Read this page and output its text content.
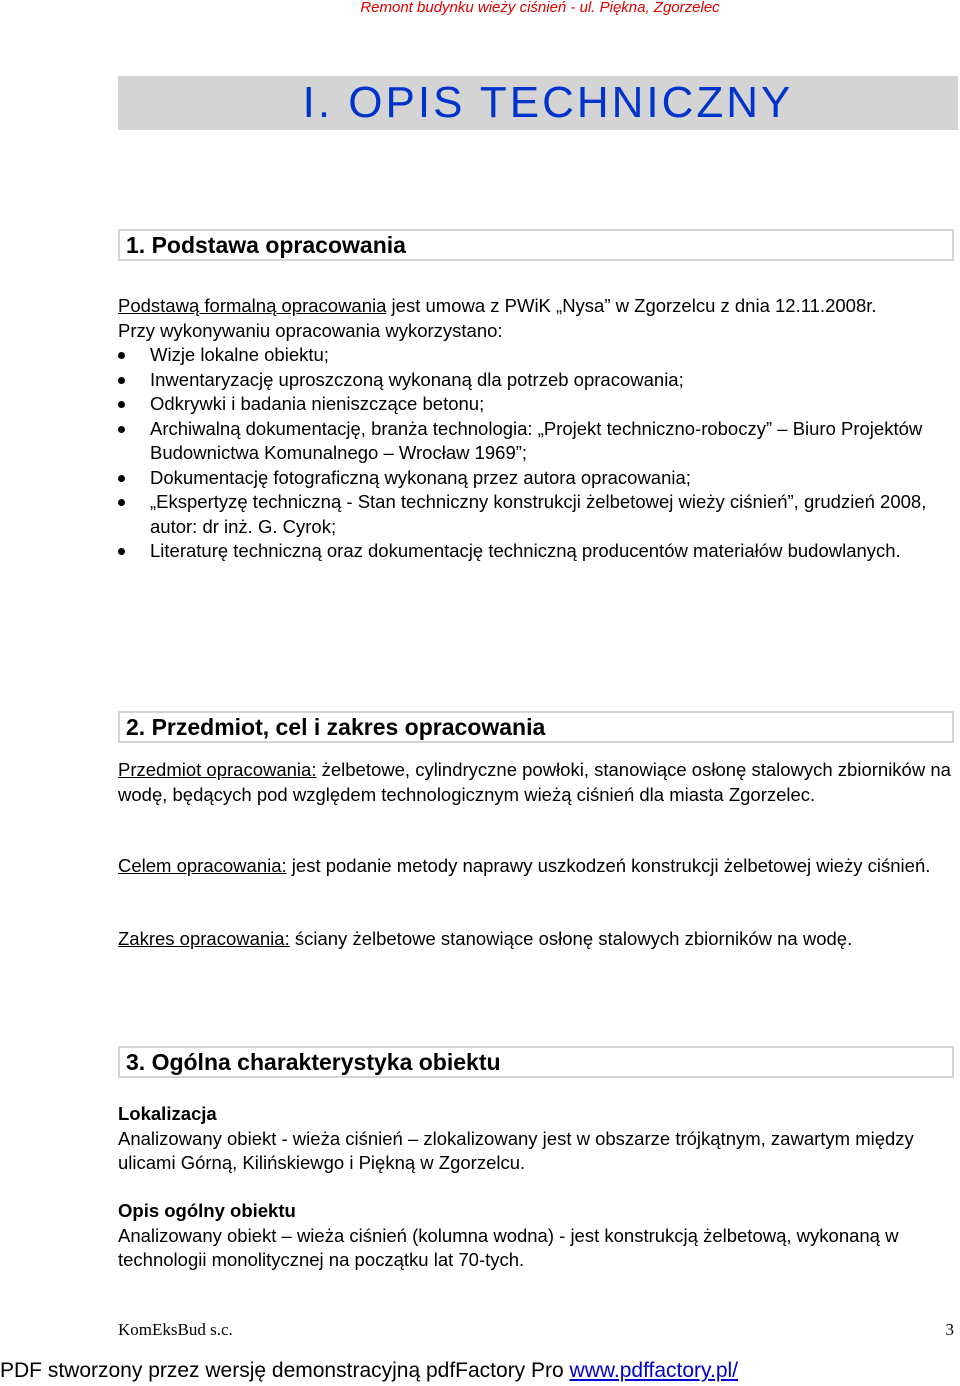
Remont budynku wieży ciśnień - ul. Piękna, Zgorzelec
I. OPIS TECHNICZNY
1. Podstawa opracowania
Podstawą formalną opracowania jest umowa z PWiK „Nysa” w Zgorzelcu z dnia 12.11.2008r.
Przy wykonywaniu opracowania wykorzystano:
Wizje lokalne obiektu;
Inwentaryzację uproszczoną wykonaną dla potrzeb opracowania;
Odkrywki i badania nieniszczące betonu;
Archiwalną dokumentację, branża technologia: „Projekt techniczno-roboczy” – Biuro Projektów Budownictwa Komunalnego – Wrocław 1969”;
Dokumentację fotograficzną wykonaną przez autora opracowania;
„Ekspertyzę techniczną - Stan techniczny konstrukcji żelbetowej wieży ciśnień”, grudzień 2008, autor: dr inż. G. Cyrok;
Literaturę techniczną oraz dokumentację techniczną producentów materiałów budowlanych.
2. Przedmiot, cel i zakres opracowania
Przedmiot opracowania: żelbetowe, cylindryczne powłoki, stanowiące osłonę stalowych zbiorników na wodę, będących pod względem technologicznym wieżą ciśnień dla miasta Zgorzelec.
Celem opracowania: jest podanie metody naprawy uszkodzeń konstrukcji żelbetowej wieży ciśnień.
Zakres opracowania: ściany żelbetowe stanowiące osłonę stalowych zbiorników na wodę.
3. Ogólna charakterystyka obiektu
Lokalizacja
Analizowany obiekt - wieża ciśnień – zlokalizowany jest w obszarze trójkątnym, zawartym między ulicami Górną, Kilińskiewgo i Piękną w Zgorzelcu.
Opis ogólny obiektu
Analizowany obiekt – wieża ciśnień (kolumna wodna) - jest konstrukcją żelbetową, wykonaną w technologii monolitycznej na początku lat 70-tych.
KomEksBud s.c.	3
PDF stworzony przez wersję demonstracyjną pdfFactory Pro www.pdffactory.pl/
